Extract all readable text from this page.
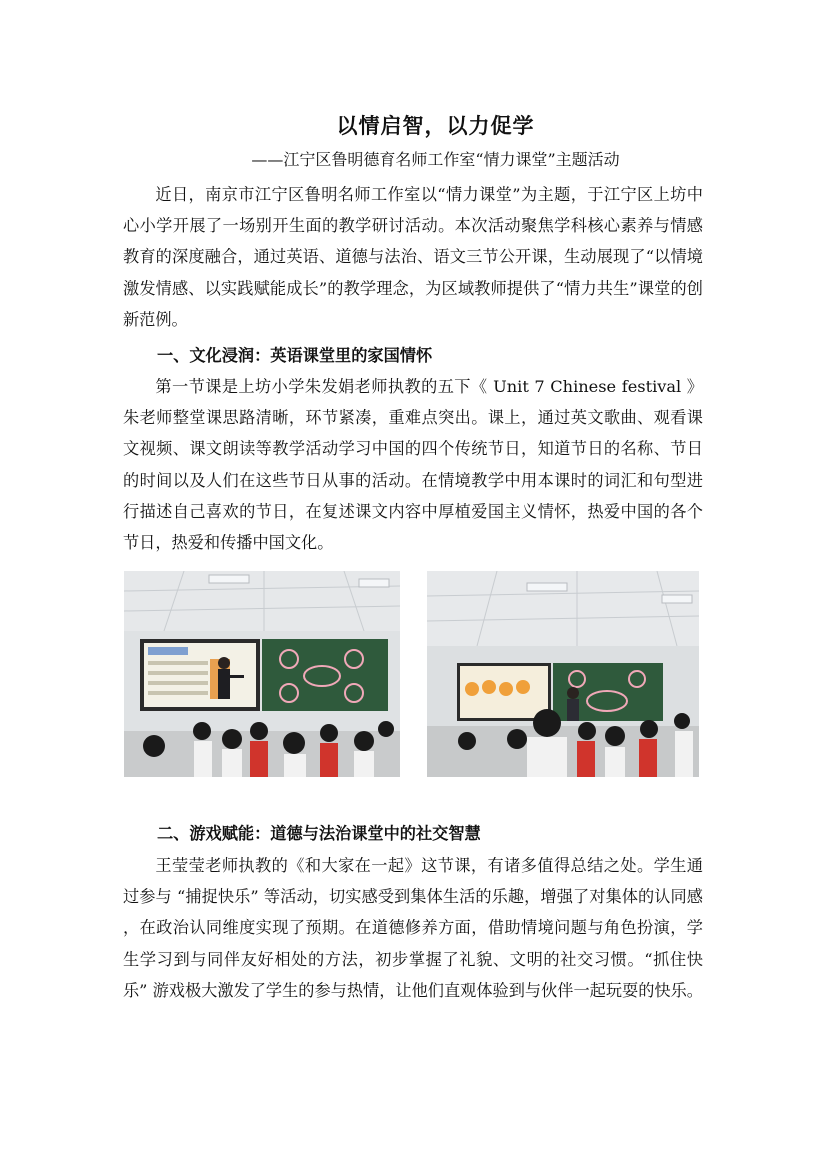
以情启智，以力促学
——江宁区鲁明德育名师工作室“情力课堂”主题活动

近日，南京市江宁区鲁明名师工作室以“情力课堂”为主题，于江宁区上坊中心小学开展了一场别开生面的教学研讨活动。本次活动聚焦学科核心素养与情感教育的深度融合，通过英语、道德与法治、语文三节公开课，生动展现了“以情境激发情感、以实践赋能成长”的教学理念，为区域教师提供了“情力共生”课堂的创新范例。

一、文化浸润：英语课堂里的家国情怀

第一节课是上坊小学朱发娟老师执教的五下《 Unit 7 Chinese festival 》朱老师整堂课思路清晰，环节紧凑，重难点突出。课上，通过英文歌曲、观看课文视频、课文朗读等教学活动学习中国的四个传统节日，知道节日的名称、节日的时间以及人们在这些节日从事的活动。在情境教学中用本课时的词汇和句型进行描述自己喜欢的节日，在复述课文内容中厚植爱国主义情怀，热爱中国的各个节日，热爱和传播中国文化。

二、游戏赋能：道德与法治课堂中的社交智慧

王莹莹老师执教的《和大家在一起》这节课，有诸多值得总结之处。学生通过参与 “捕捉快乐” 等活动，切实感受到集体生活的乐趣，增强了对集体的认同感 ，在政治认同维度实现了预期。在道德修养方面，借助情境问题与角色扮演，学生学习到与同伴友好相处的方法，初步掌握了礼貌、文明的社交习惯。“抓住快乐” 游戏极大激发了学生的参与热情，让他们直观体验到与伙伴一起玩耍的快乐。
